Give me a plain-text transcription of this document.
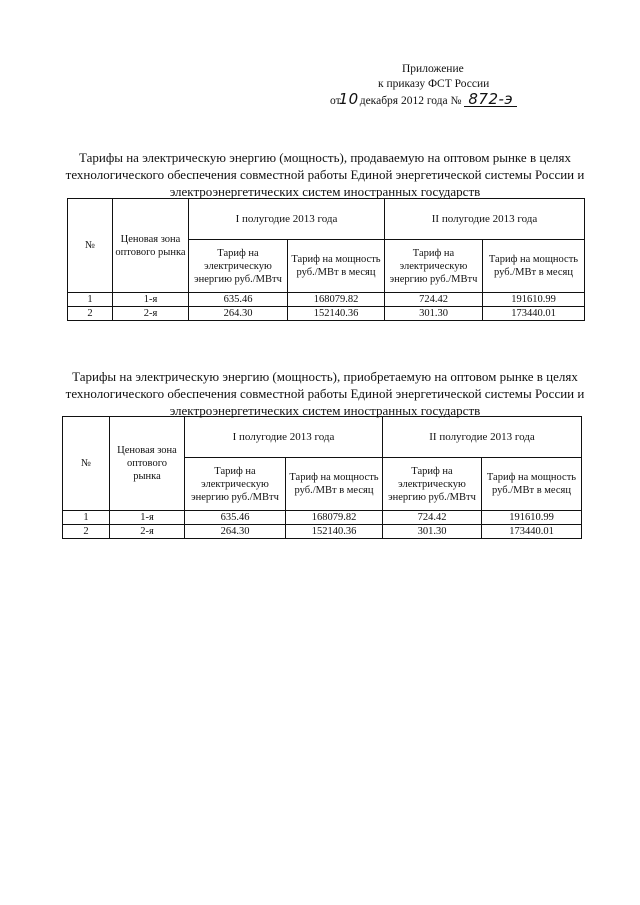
Приложение
к приказу ФСТ России
от10декабря 2012 года № 872-э
Тарифы на электрическую энергию (мощность), продаваемую на оптовом рынке в целях технологического обеспечения совместной работы Единой энергетической системы России и электроэнергетических систем иностранных государств
№	Ценовая зона оптового рынка	I полугодие 2013 года		II полугодие 2013 года	
		Тариф на электрическую энергию руб./МВтч	Тариф на мощность руб./МВт в месяц	Тариф на электрическую энергию руб./МВтч	Тариф на мощность руб./МВт в месяц
1	1-я	635.46	168079.82	724.42	191610.99
2	2-я	264.30	152140.36	301.30	173440.01
Тарифы на электрическую энергию (мощность), приобретаемую на оптовом рынке в целях технологического обеспечения совместной работы Единой энергетической системы России и электроэнергетических систем иностранных государств
№	Ценовая зона оптового рынка	I полугодие 2013 года		II полугодие 2013 года	
		Тариф на электрическую энергию руб./МВтч	Тариф на мощность руб./МВт в месяц	Тариф на электрическую энергию руб./МВтч	Тариф на мощность руб./МВт в месяц
1	1-я	635.46	168079.82	724.42	191610.99
2	2-я	264.30	152140.36	301.30	173440.01
